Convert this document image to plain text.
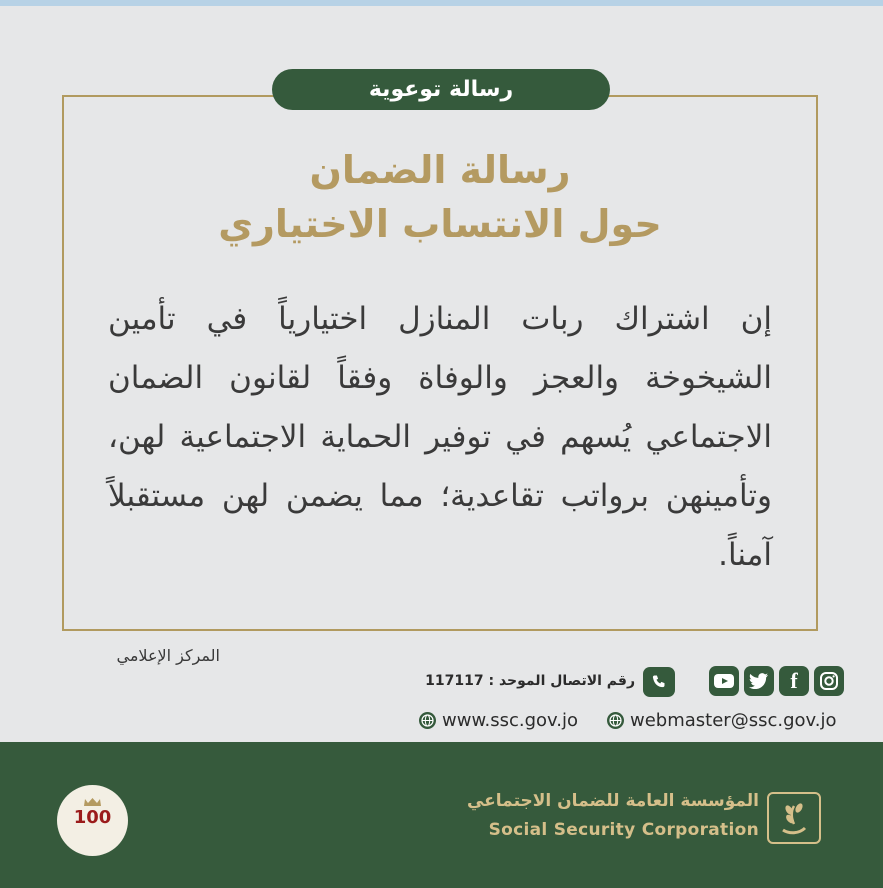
رسالة توعوية
رسالة الضمان
حول الانتساب الاختياري
إن اشتراك ربات المنازل اختيارياً في تأمين الشيخوخة والعجز والوفاة وفقاً لقانون الضمان الاجتماعي يُسهم في توفير الحماية الاجتماعية لهن، وتأمينهن برواتب تقاعدية؛ مما يضمن لهن مستقبلاً آمناً.
المركز الإعلامي
f
رقم الاتصال الموحد : 117117
www.ssc.gov.jo	webmaster@ssc.gov.jo
100
المؤسسة العامة للضمان الاجتماعي
Social Security Corporation
